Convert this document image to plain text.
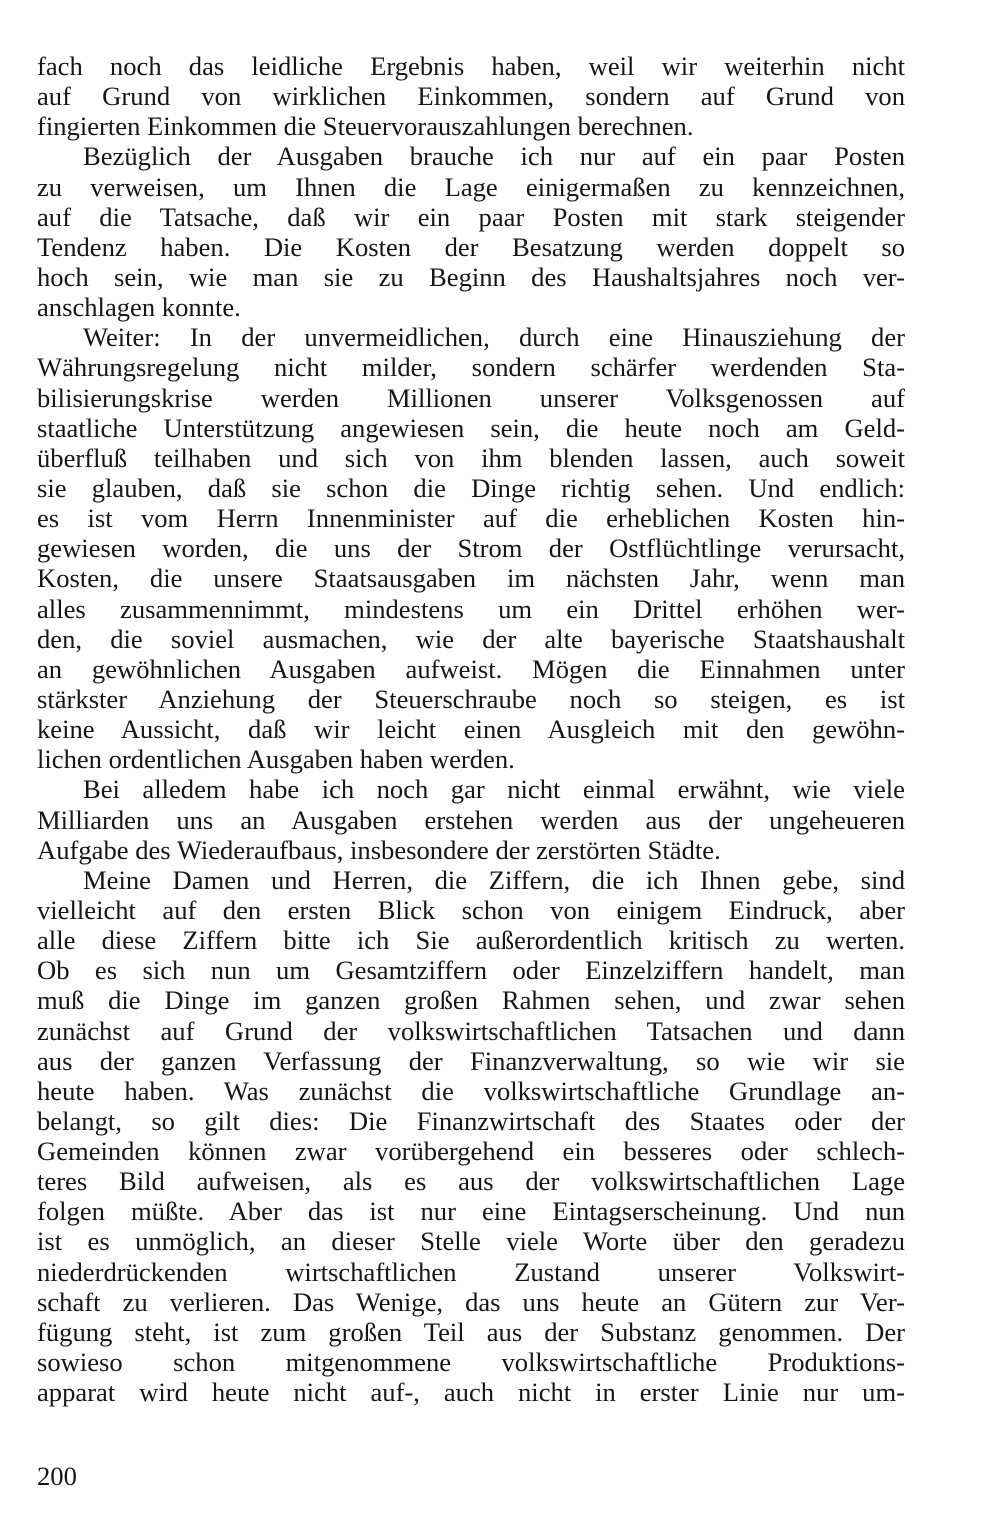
fach noch das leidliche Ergebnis haben, weil wir weiterhin nicht
auf Grund von wirklichen Einkommen, sondern auf Grund von
fingierten Einkommen die Steuervorauszahlungen berechnen.
Bezüglich der Ausgaben brauche ich nur auf ein paar Posten
zu verweisen, um Ihnen die Lage einigermaßen zu kennzeichnen,
auf die Tatsache, daß wir ein paar Posten mit stark steigender
Tendenz haben. Die Kosten der Besatzung werden doppelt so
hoch sein, wie man sie zu Beginn des Haushaltsjahres noch ver-
anschlagen konnte.
Weiter: In der unvermeidlichen, durch eine Hinausziehung der
Währungsregelung nicht milder, sondern schärfer werdenden Sta-
bilisierungskrise werden Millionen unserer Volksgenossen auf
staatliche Unterstützung angewiesen sein, die heute noch am Geld-
überfluß teilhaben und sich von ihm blenden lassen, auch soweit
sie glauben, daß sie schon die Dinge richtig sehen. Und endlich:
es ist vom Herrn Innenminister auf die erheblichen Kosten hin-
gewiesen worden, die uns der Strom der Ostflüchtlinge verursacht,
Kosten, die unsere Staatsausgaben im nächsten Jahr, wenn man
alles zusammennimmt, mindestens um ein Drittel erhöhen wer-
den, die soviel ausmachen, wie der alte bayerische Staatshaushalt
an gewöhnlichen Ausgaben aufweist. Mögen die Einnahmen unter
stärkster Anziehung der Steuerschraube noch so steigen, es ist
keine Aussicht, daß wir leicht einen Ausgleich mit den gewöhn-
lichen ordentlichen Ausgaben haben werden.
Bei alledem habe ich noch gar nicht einmal erwähnt, wie viele
Milliarden uns an Ausgaben erstehen werden aus der ungeheueren
Aufgabe des Wiederaufbaus, insbesondere der zerstörten Städte.
Meine Damen und Herren, die Ziffern, die ich Ihnen gebe, sind
vielleicht auf den ersten Blick schon von einigem Eindruck, aber
alle diese Ziffern bitte ich Sie außerordentlich kritisch zu werten.
Ob es sich nun um Gesamtziffern oder Einzelziffern handelt, man
muß die Dinge im ganzen großen Rahmen sehen, und zwar sehen
zunächst auf Grund der volkswirtschaftlichen Tatsachen und dann
aus der ganzen Verfassung der Finanzverwaltung, so wie wir sie
heute haben. Was zunächst die volkswirtschaftliche Grundlage an-
belangt, so gilt dies: Die Finanzwirtschaft des Staates oder der
Gemeinden können zwar vorübergehend ein besseres oder schlech-
teres Bild aufweisen, als es aus der volkswirtschaftlichen Lage
folgen müßte. Aber das ist nur eine Eintagserscheinung. Und nun
ist es unmöglich, an dieser Stelle viele Worte über den geradezu
niederdrückenden wirtschaftlichen Zustand unserer Volkswirt-
schaft zu verlieren. Das Wenige, das uns heute an Gütern zur Ver-
fügung steht, ist zum großen Teil aus der Substanz genommen. Der
sowieso schon mitgenommene volkswirtschaftliche Produktions-
apparat wird heute nicht auf-, auch nicht in erster Linie nur um-
200
